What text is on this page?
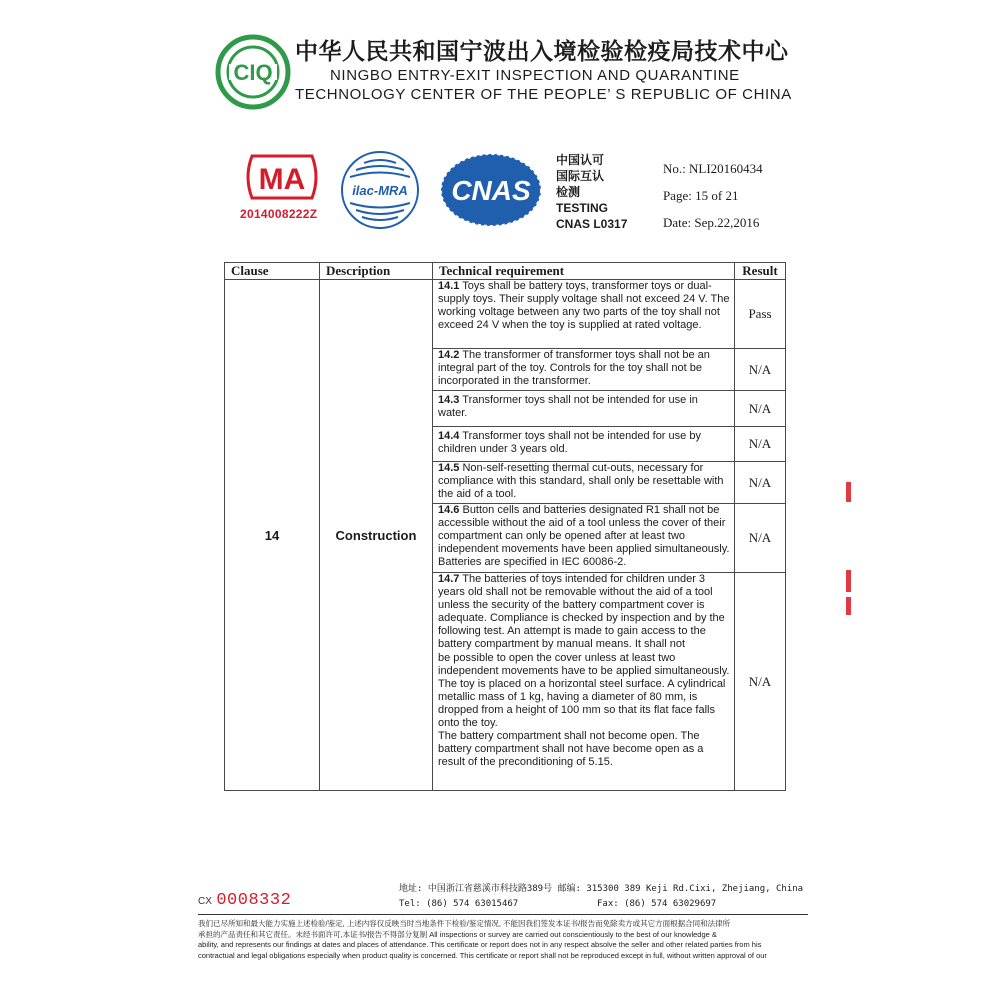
CIQ
中华人民共和国宁波出入境检验检疫局技术中心
NINGBO ENTRY-EXIT INSPECTION AND QUARANTINE
TECHNOLOGY CENTER OF THE PEOPLE’ S REPUBLIC OF CHINA
MA
2014008222Z
ilac-MRA CNAS
中国认可
国际互认
检测
TESTING
CNAS L0317
No.: NLI20160434
Page: 15 of 21
Date: Sep.22,2016
Clause	Description	Technical requirement	Result
14	Construction	14.1 Toys shall be battery toys, transformer toys or dual-supply toys. Their supply voltage shall not exceed 24 V. The working voltage between any two parts of the toy shall not exceed 24 V when the toy is supplied at rated voltage.	Pass
		14.2 The transformer of transformer toys shall not be an integral part of the toy. Controls for the toy shall not be incorporated in the transformer.	N/A
		14.3 Transformer toys shall not be intended for use in water.	N/A
		14.4 Transformer toys shall not be intended for use by children under 3 years old.	N/A
		14.5 Non-self-resetting thermal cut-outs, necessary for compliance with this standard, shall only be resettable with the aid of a tool.	N/A
		14.6 Button cells and batteries designated R1 shall not be accessible without the aid of a tool unless the cover of their compartment can only be opened after at least two independent movements have been applied simultaneously. Batteries are specified in IEC 60086-2.	N/A
		14.7 The batteries of toys intended for children under 3 years old shall not be removable without the aid of a tool unless the security of the battery compartment cover is adequate. Compliance is checked by inspection and by the following test. An attempt is made to gain access to the battery compartment by manual means. It shall not
be possible to open the cover unless at least two independent movements have to be applied simultaneously. The toy is placed on a horizontal steel surface. A cylindrical metallic mass of 1 kg, having a diameter of 80 mm, is dropped from a height of 100 mm so that its flat face falls onto the toy.
The battery compartment shall not become open. The battery compartment shall not have become open as a result of the preconditioning of 5.15.	N/A
CX 0008332
地址: 中国浙江省慈溪市科技路389号 邮编: 315300 389 Keji Rd.Cixi, Zhejiang, China
Tel: (86) 574 63015467	Fax: (86) 574 63029697
我们已尽所知和最大能力实施上述检验/鉴定, 上述内容仅反映当时当地条件下检验/鉴定情况, 不能因我们签发本证书/报告而免除卖方或其它方面根据合同和法律所
承担的产品责任和其它责任。未经书面许可,本证书/报告不得部分复制 All inspections or survey are carried out conscientiously to the best of our knowledge &
ability, and represents our findings at dates and places of attendance. This certificate or report does not in any respect absolve the seller and other related parties from his
contractual and legal obligations especially when product quality is concerned. This certificate or report shall not be reproduced except in full, without written approval of our
